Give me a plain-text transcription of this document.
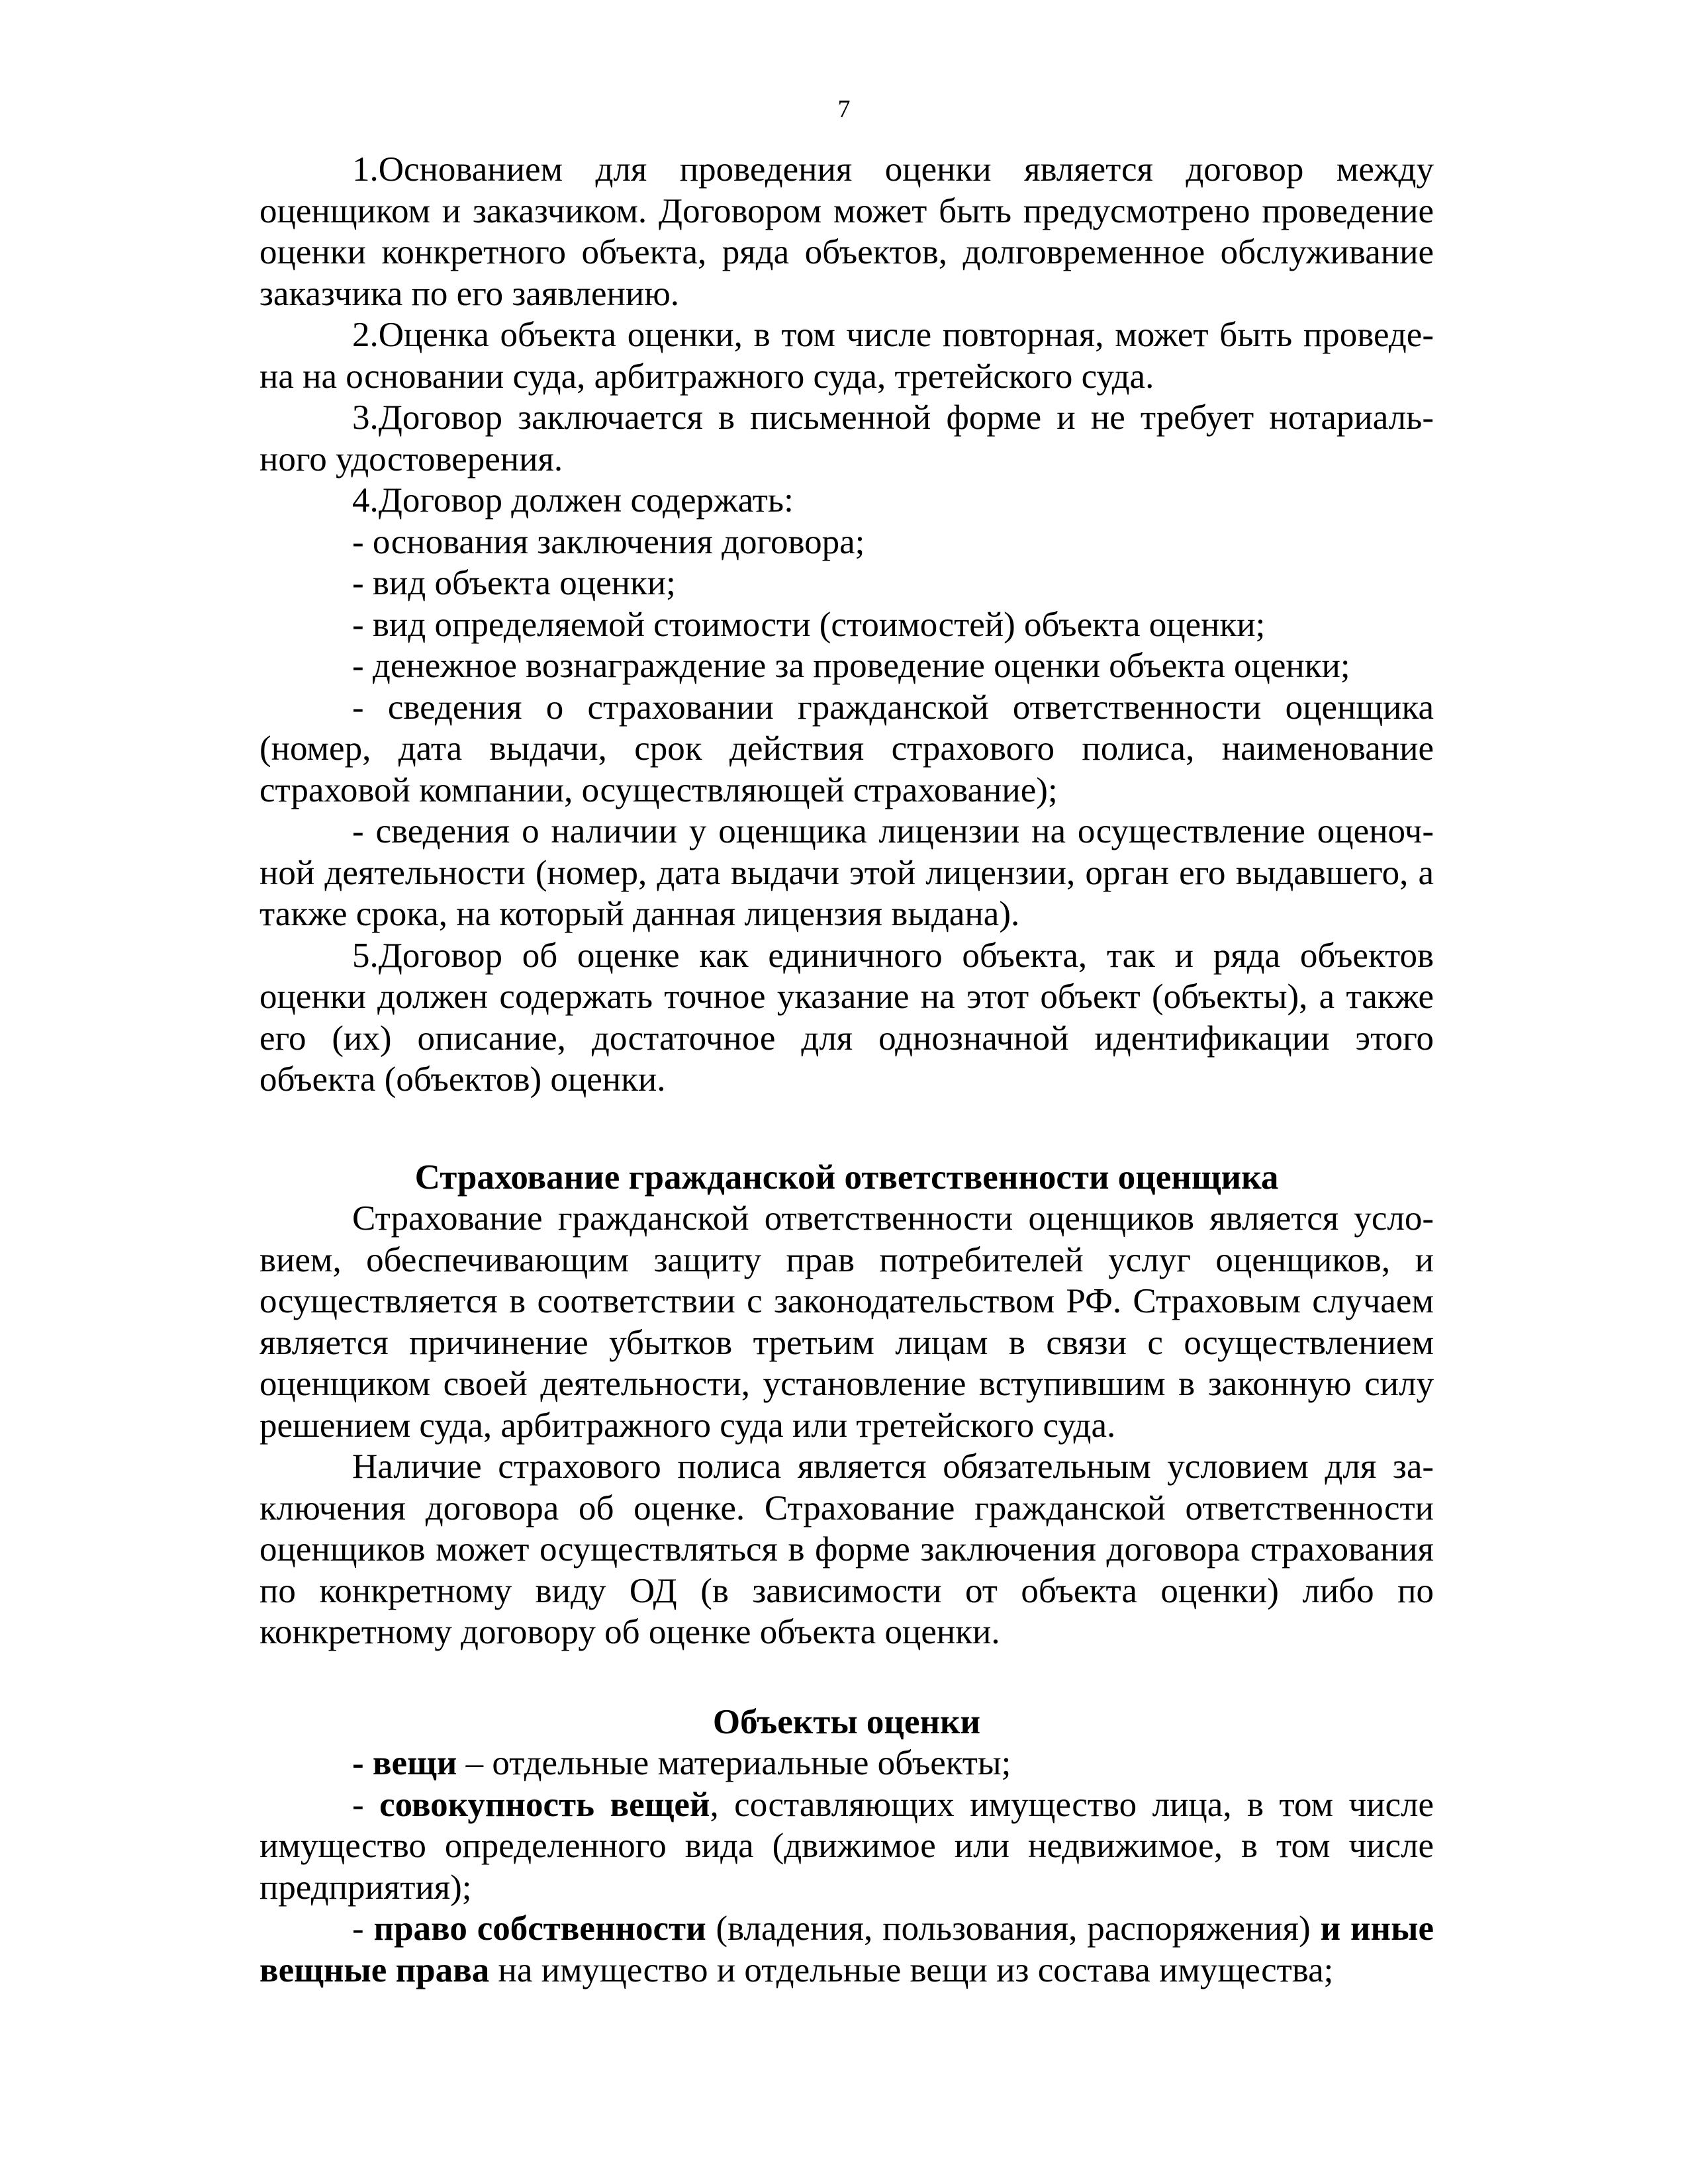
7

1.Основанием для проведения оценки является договор между оценщиком и заказчиком. Договором может быть предусмотрено проведение оценки конкретного объекта, ряда объектов, долговременное обслуживание заказчика по его заявлению.

2.Оценка объекта оценки, в том числе повторная, может быть проведена на основании суда, арбитражного суда, третейского суда.

3.Договор заключается в письменной форме и не требует нотариального удостоверения.

4.Договор должен содержать:

- основания заключения договора;

- вид объекта оценки;

- вид определяемой стоимости (стоимостей) объекта оценки;

- денежное вознаграждение за проведение оценки объекта оценки;

- сведения о страховании гражданской ответственности оценщика (номер, дата выдачи, срок действия страхового полиса, наименование страховой компании, осуществляющей страхование);

- сведения о наличии у оценщика лицензии на осуществление оценочной деятельности (номер, дата выдачи этой лицензии, орган его выдавшего, а также срока, на который данная лицензия выдана).

5.Договор об оценке как единичного объекта, так и ряда объектов оценки должен содержать точное указание на этот объект (объекты), а также его (их) описание, достаточное для однозначной идентификации этого объекта (объектов) оценки.

Страхование гражданской ответственности оценщика

Страхование гражданской ответственности оценщиков является условием, обеспечивающим защиту прав потребителей услуг оценщиков, и осуществляется в соответствии с законодательством РФ. Страховым случаем является причинение убытков третьим лицам в связи с осуществлением оценщиком своей деятельности, установление вступившим в законную силу решением суда, арбитражного суда или третейского суда.

Наличие страхового полиса является обязательным условием для заключения договора об оценке. Страхование гражданской ответственности оценщиков может осуществляться в форме заключения договора страхования по конкретному виду ОД (в зависимости от объекта оценки) либо по конкретному договору об оценке объекта оценки.

Объекты оценки

- вещи – отдельные материальные объекты;

- совокупность вещей, составляющих имущество лица, в том числе имущество определенного вида (движимое или недвижимое, в том числе предприятия);

- право собственности (владения, пользования, распоряжения) и иные вещные права на имущество и отдельные вещи из состава имущества;
